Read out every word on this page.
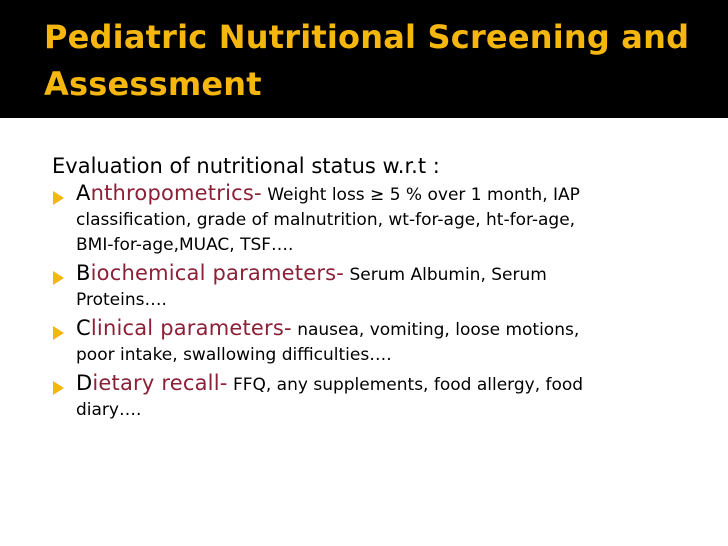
Pediatric Nutritional Screening and
Assessment
Evaluation of nutritional status w.r.t :
Anthropometrics- Weight loss ≥ 5 % over 1 month, IAP
classification, grade of malnutrition, wt-for-age, ht-for-age,
BMI-for-age,MUAC, TSF….
Biochemical parameters- Serum Albumin, Serum
Proteins….
Clinical parameters- nausea, vomiting, loose motions,
poor intake, swallowing difficulties….
Dietary recall- FFQ, any supplements, food allergy, food
diary….
